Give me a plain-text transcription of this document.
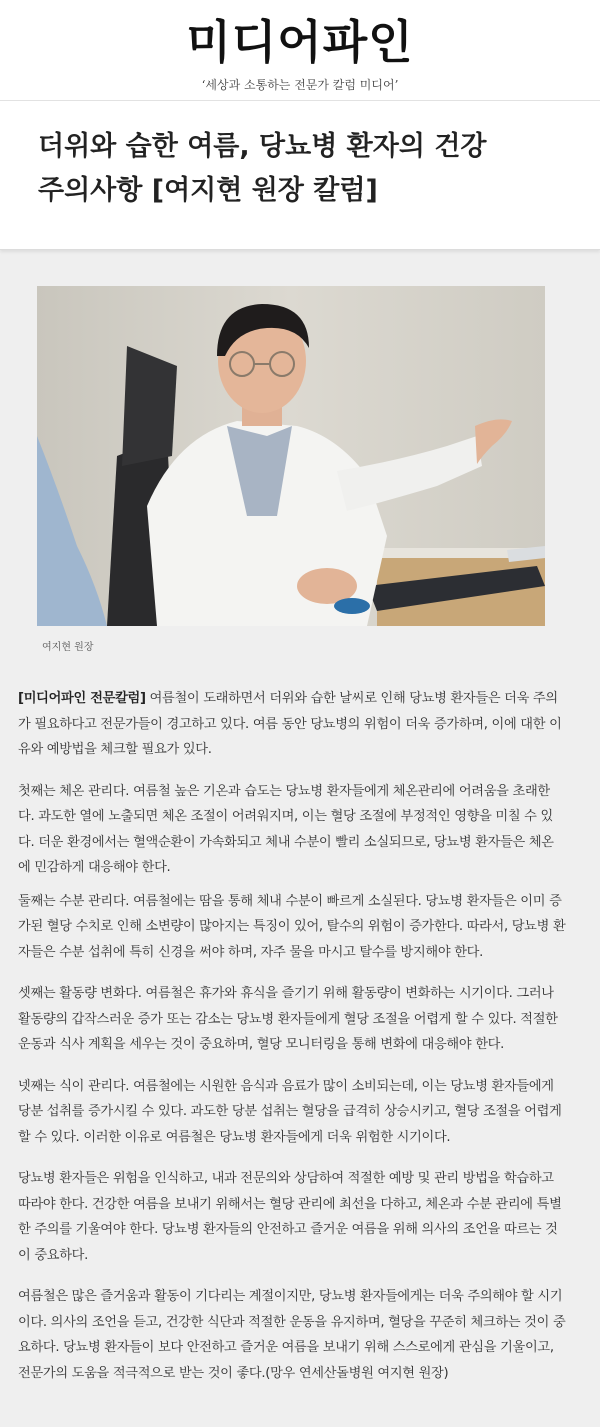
미디어파인
‘세상과 소통하는 전문가 칼럼 미디어’
더위와 습한 여름, 당뇨병 환자의 건강
주의사항 [여지현 원장 칼럼]
여지현 원장

[미디어파인 전문칼럼] 여름철이 도래하면서 더위와 습한 날씨로 인해 당뇨병 환자들은 더욱 주의가 필요하다고 전문가들이 경고하고 있다. 여름 동안 당뇨병의 위험이 더욱 증가하며, 이에 대한 이유와 예방법을 체크할 필요가 있다.

첫째는 체온 관리다. 여름철 높은 기온과 습도는 당뇨병 환자들에게 체온관리에 어려움을 초래한다. 과도한 열에 노출되면 체온 조절이 어려워지며, 이는 혈당 조절에 부정적인 영향을 미칠 수 있다. 더운 환경에서는 혈액순환이 가속화되고 체내 수분이 빨리 소실되므로, 당뇨병 환자들은 체온에 민감하게 대응해야 한다.

둘째는 수분 관리다. 여름철에는 땀을 통해 체내 수분이 빠르게 소실된다. 당뇨병 환자들은 이미 증가된 혈당 수치로 인해 소변량이 많아지는 특징이 있어, 탈수의 위험이 증가한다. 따라서, 당뇨병 환자들은 수분 섭취에 특히 신경을 써야 하며, 자주 물을 마시고 탈수를 방지해야 한다.

셋째는 활동량 변화다. 여름철은 휴가와 휴식을 즐기기 위해 활동량이 변화하는 시기이다. 그러나 활동량의 갑작스러운 증가 또는 감소는 당뇨병 환자들에게 혈당 조절을 어렵게 할 수 있다. 적절한 운동과 식사 계획을 세우는 것이 중요하며, 혈당 모니터링을 통해 변화에 대응해야 한다.

넷째는 식이 관리다. 여름철에는 시원한 음식과 음료가 많이 소비되는데, 이는 당뇨병 환자들에게 당분 섭취를 증가시킬 수 있다. 과도한 당분 섭취는 혈당을 급격히 상승시키고, 혈당 조절을 어렵게 할 수 있다. 이러한 이유로 여름철은 당뇨병 환자들에게 더욱 위험한 시기이다.

당뇨병 환자들은 위험을 인식하고, 내과 전문의와 상담하여 적절한 예방 및 관리 방법을 학습하고 따라야 한다. 건강한 여름을 보내기 위해서는 혈당 관리에 최선을 다하고, 체온과 수분 관리에 특별한 주의를 기울여야 한다. 당뇨병 환자들의 안전하고 즐거운 여름을 위해 의사의 조언을 따르는 것이 중요하다.

여름철은 많은 즐거움과 활동이 기다리는 계절이지만, 당뇨병 환자들에게는 더욱 주의해야 할 시기이다. 의사의 조언을 듣고, 건강한 식단과 적절한 운동을 유지하며, 혈당을 꾸준히 체크하는 것이 중요하다. 당뇨병 환자들이 보다 안전하고 즐거운 여름을 보내기 위해 스스로에게 관심을 기울이고, 전문가의 도움을 적극적으로 받는 것이 좋다.(망우 연세산돌병원 여지현 원장)
